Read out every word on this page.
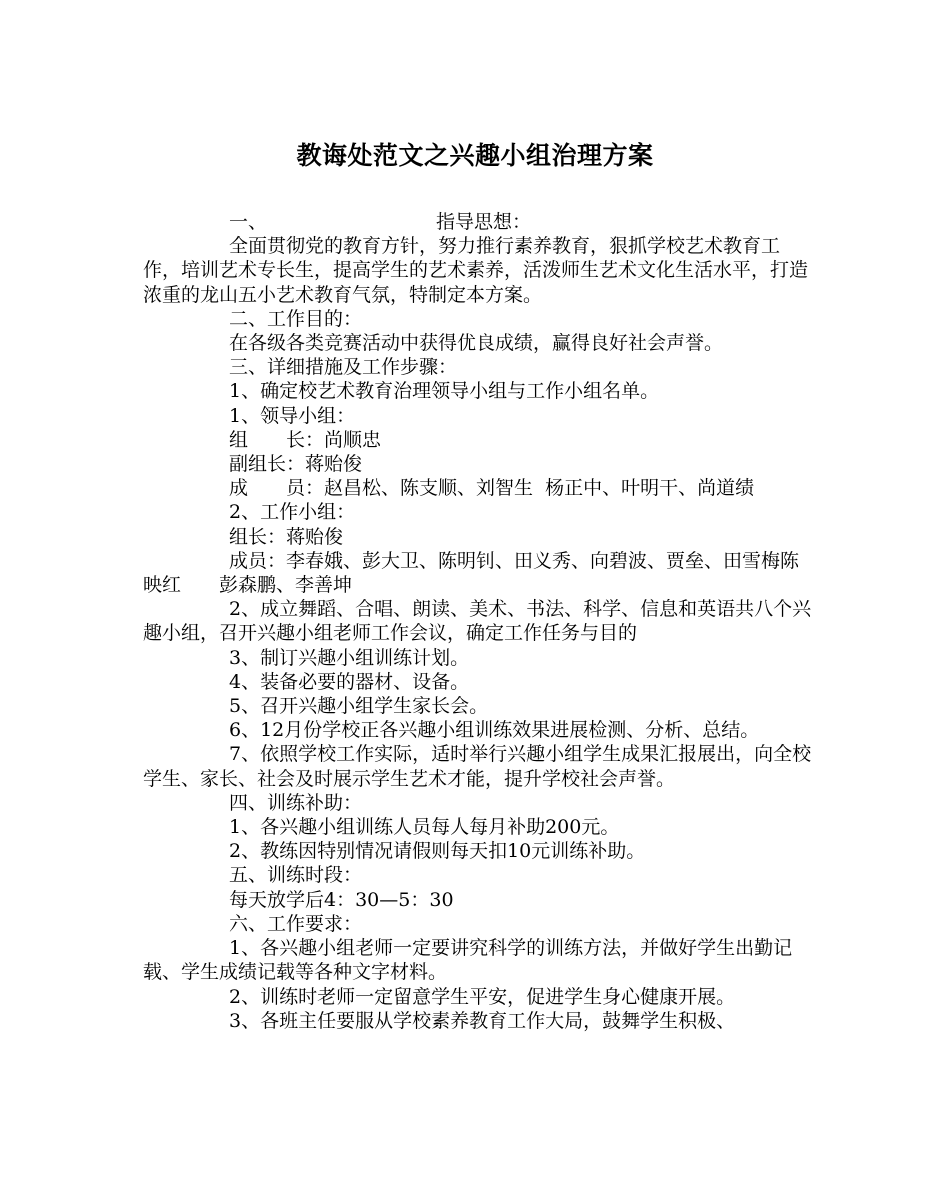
教诲处范文之兴趣小组治理方案
一、	指导思想：

全面贯彻党的教育方针，努力推行素养教育，狠抓学校艺术教育工作，培训艺术专长生，提高学生的艺术素养，活泼师生艺术文化生活水平，打造浓重的龙山五小艺术教育气氛，特制定本方案。

二、工作目的：

在各级各类竞赛活动中获得优良成绩，赢得良好社会声誉。

三、详细措施及工作步骤：

1、确定校艺术教育治理领导小组与工作小组名单。

1、领导小组：

组　　长：尚顺忠

副组长：蒋贻俊

成　　员：赵昌松、陈支顺、刘智生  杨正中、叶明干、尚道绩

2、工作小组：

组长：蒋贻俊

成员：李春娥、彭大卫、陈明钊、田义秀、向碧波、贾垒、田雪梅陈映红　　彭森鹏、李善坤

2、成立舞蹈、合唱、朗读、美术、书法、科学、信息和英语共八个兴趣小组，召开兴趣小组老师工作会议，确定工作任务与目的

3、制订兴趣小组训练计划。

4、装备必要的器材、设备。

5、召开兴趣小组学生家长会。

6、12月份学校正各兴趣小组训练效果进展检测、分析、总结。

7、依照学校工作实际，适时举行兴趣小组学生成果汇报展出，向全校学生、家长、社会及时展示学生艺术才能，提升学校社会声誉。

四、训练补助：

1、各兴趣小组训练人员每人每月补助200元。

2、教练因特别情况请假则每天扣10元训练补助。

五、训练时段：

每天放学后4：30—5：30

六、工作要求：

1、各兴趣小组老师一定要讲究科学的训练方法，并做好学生出勤记载、学生成绩记载等各种文字材料。

2、训练时老师一定留意学生平安，促进学生身心健康开展。

3、各班主任要服从学校素养教育工作大局，鼓舞学生积极、
